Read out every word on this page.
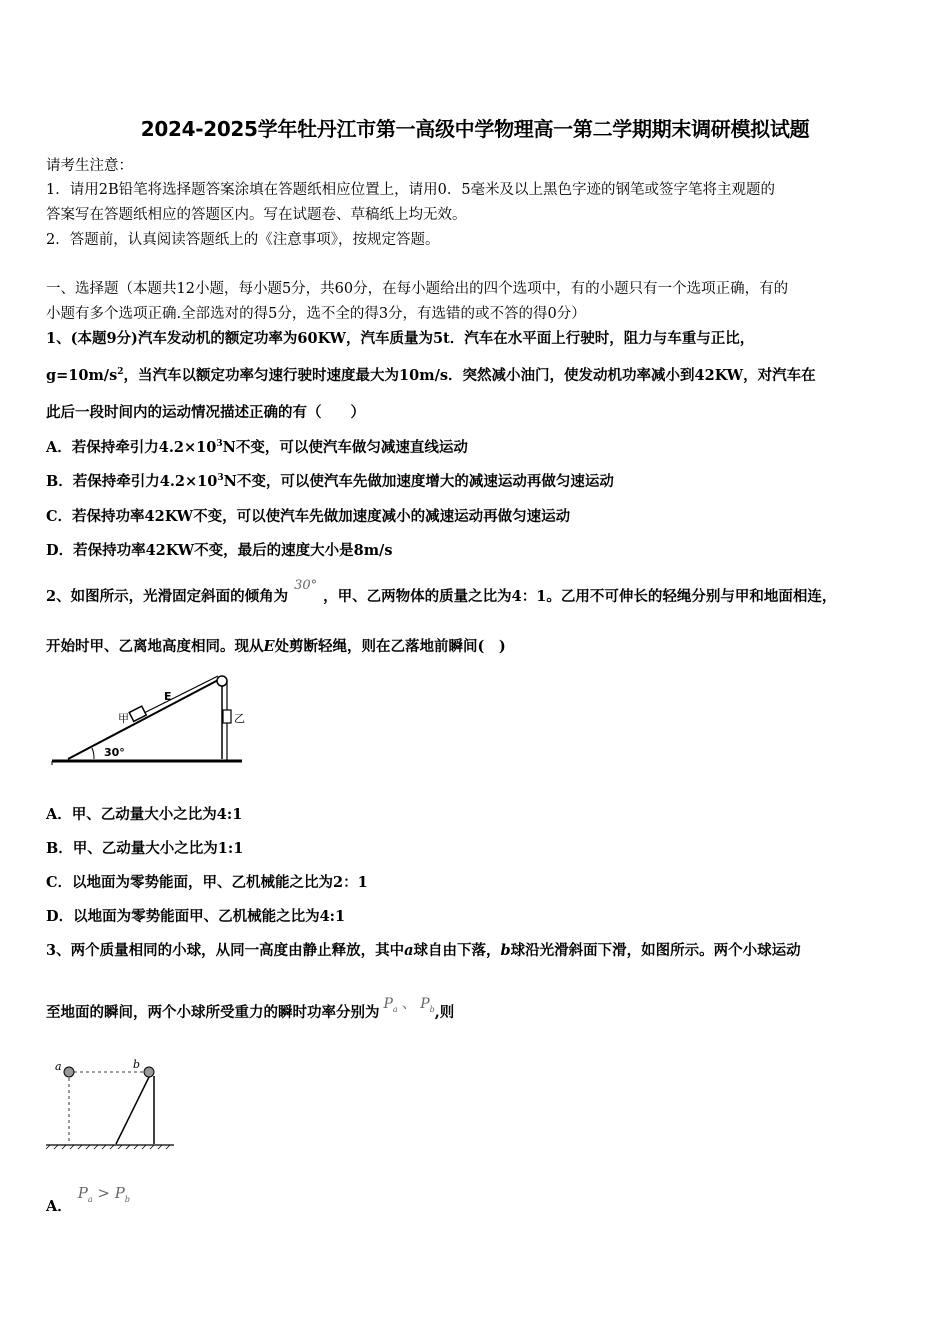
2024-2025学年牡丹江市第一高级中学物理高一第二学期期末调研模拟试题
请考生注意：
1．请用2B铅笔将选择题答案涂填在答题纸相应位置上，请用0．5毫米及以上黑色字迹的钢笔或签字笔将主观题的
答案写在答题纸相应的答题区内。写在试题卷、草稿纸上均无效。
2．答题前，认真阅读答题纸上的《注意事项》，按规定答题。
一、选择题（本题共12小题，每小题5分，共60分，在每小题给出的四个选项中，有的小题只有一个选项正确，有的
小题有多个选项正确.全部选对的得5分，选不全的得3分，有选错的或不答的得0分）
1、(本题9分)汽车发动机的额定功率为60KW，汽车质量为5t．汽车在水平面上行驶时，阻力与车重与正比，
$g=10m/s^2$，当汽车以额定功率匀速行驶时速度最大为10m/s．突然减小油门，使发动机功率减小到42KW，对汽车在
此后一段时间内的运动情况描述正确的有（　　）
A．若保持牵引力$4.2\times 10^3N$不变，可以使汽车做匀减速直线运动
B．若保持牵引力$4.2\times 10^3N$不变，可以使汽车先做加速度增大的减速运动再做匀速运动
C．若保持功率42KW不变，可以使汽车先做加速度减小的减速运动再做匀速运动
D．若保持功率42KW不变，最后的速度大小是8m/s
2、如图所示，光滑固定斜面的倾角为30°，甲、乙两物体的质量之比为4：1。乙用不可伸长的轻绳分别与甲和地面相连，
开始时甲、乙离地高度相同。现从E处剪断轻绳，则在乙落地前瞬间(　)
甲	乙
E
30°
A．甲、乙动量大小之比为4:1
B．甲、乙动量大小之比为1:1
C．以地面为零势能面，甲、乙机械能之比为2：1
D．以地面为零势能面甲、乙机械能之比为4:1
3、两个质量相同的小球，从同一高度由静止释放，其中a球自由下落，b球沿光滑斜面下滑，如图所示。两个小球运动
至地面的瞬间，两个小球所受重力的瞬时功率分别为 $P_a$ 、 $P_b$,则
a	b
A．$P_a > P_b$
